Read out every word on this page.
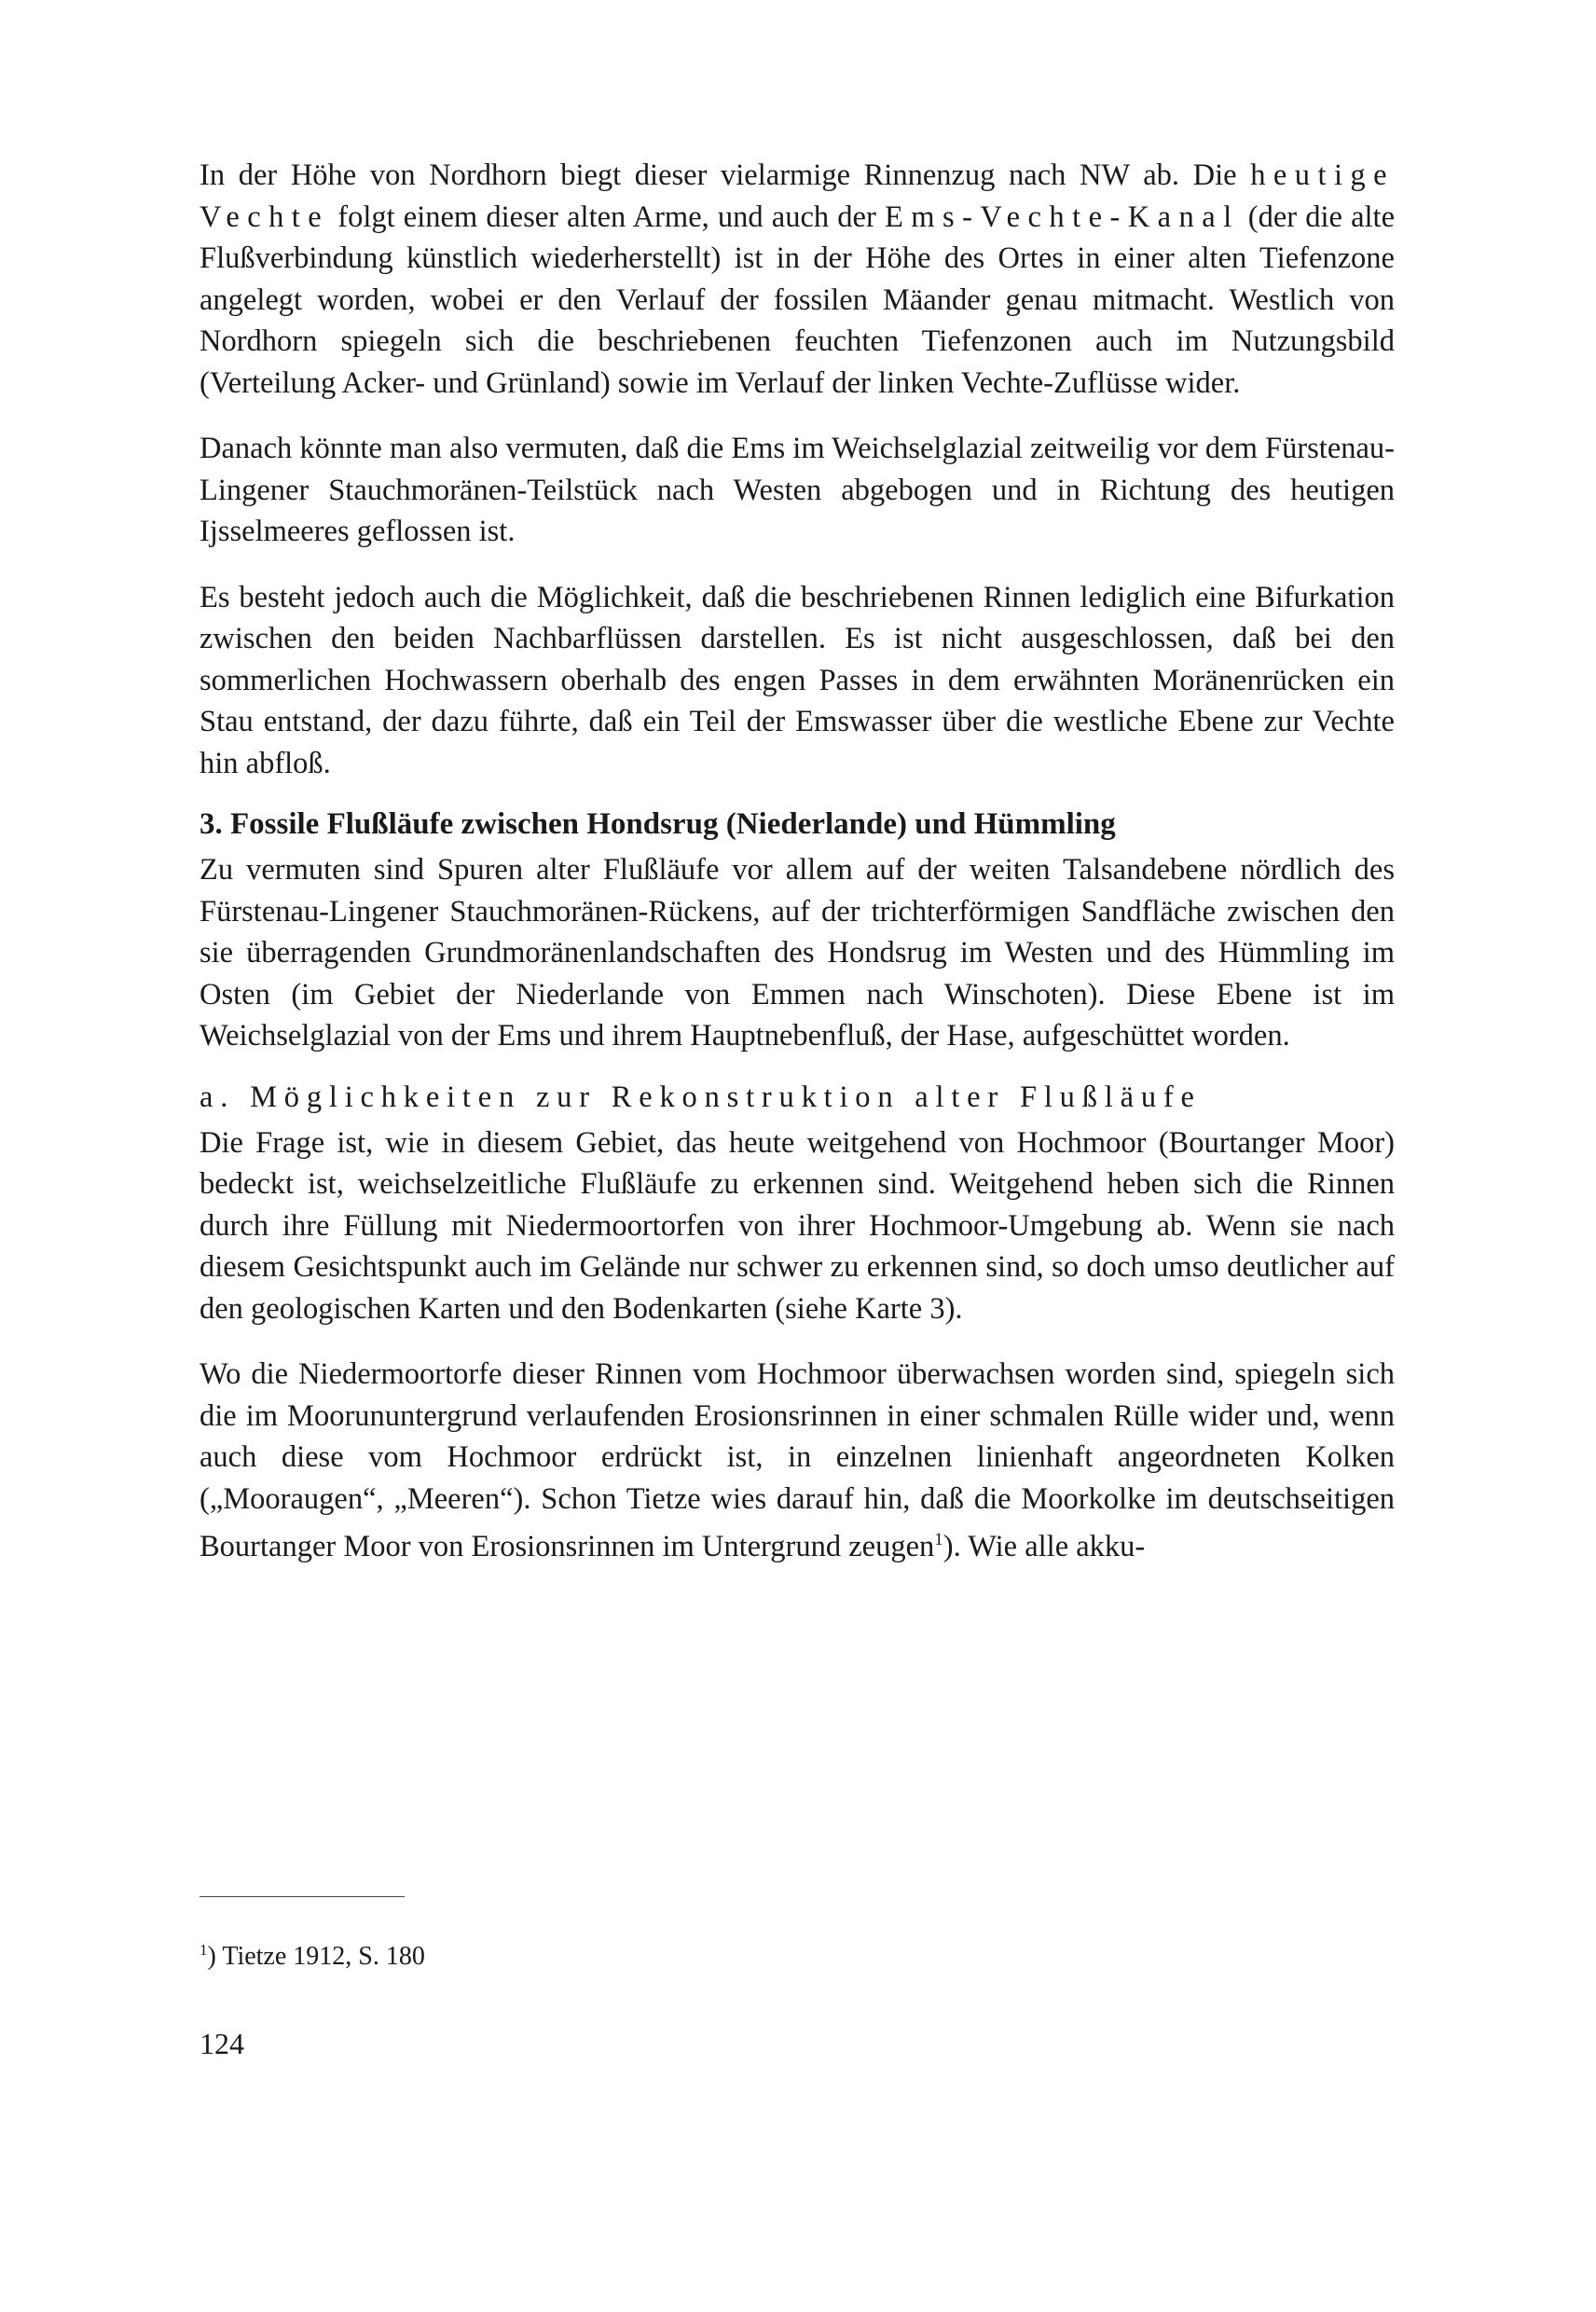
In der Höhe von Nordhorn biegt dieser vielarmige Rinnenzug nach NW ab. Die heutige Vechte folgt einem dieser alten Arme, und auch der Ems-Vechte-Kanal (der die alte Flußverbindung künstlich wiederherstellt) ist in der Höhe des Ortes in einer alten Tiefenzone angelegt worden, wobei er den Verlauf der fossilen Mäander genau mitmacht. Westlich von Nordhorn spiegeln sich die beschriebenen feuchten Tiefenzonen auch im Nutzungsbild (Verteilung Acker- und Grünland) sowie im Verlauf der linken Vechte-Zuflüsse wider.

Danach könnte man also vermuten, daß die Ems im Weichselglazial zeitweilig vor dem Fürstenau-Lingener Stauchmoränen-Teilstück nach Westen abgebogen und in Richtung des heutigen Ijsselmeeres geflossen ist.

Es besteht jedoch auch die Möglichkeit, daß die beschriebenen Rinnen lediglich eine Bifurkation zwischen den beiden Nachbarflüssen darstellen. Es ist nicht ausgeschlossen, daß bei den sommerlichen Hochwassern oberhalb des engen Passes in dem erwähnten Moränenrücken ein Stau entstand, der dazu führte, daß ein Teil der Emswasser über die westliche Ebene zur Vechte hin abfloß.

3. Fossile Flußläufe zwischen Hondsrug (Niederlande) und Hümmling

Zu vermuten sind Spuren alter Flußläufe vor allem auf der weiten Talsandebene nördlich des Fürstenau-Lingener Stauchmoränen-Rückens, auf der trichterförmigen Sandfläche zwischen den sie überragenden Grundmoränenlandschaften des Hondsrug im Westen und des Hümmling im Osten (im Gebiet der Niederlande von Emmen nach Winschoten). Diese Ebene ist im Weichselglazial von der Ems und ihrem Hauptnebenfluß, der Hase, aufgeschüttet worden.

a. Möglichkeiten zur Rekonstruktion alter Flußläufe

Die Frage ist, wie in diesem Gebiet, das heute weitgehend von Hochmoor (Bourtanger Moor) bedeckt ist, weichselzeitliche Flußläufe zu erkennen sind. Weitgehend heben sich die Rinnen durch ihre Füllung mit Niedermoortorfen von ihrer Hochmoor-Umgebung ab. Wenn sie nach diesem Gesichtspunkt auch im Gelände nur schwer zu erkennen sind, so doch umso deutlicher auf den geologischen Karten und den Bodenkarten (siehe Karte 3).

Wo die Niedermoortorfe dieser Rinnen vom Hochmoor überwachsen worden sind, spiegeln sich die im Moorununtergrund verlaufenden Erosionsrinnen in einer schmalen Rülle wider und, wenn auch diese vom Hochmoor erdrückt ist, in einzelnen linienhaft angeordneten Kolken („Mooraugen“, „Meeren“). Schon Tietze wies darauf hin, daß die Moorkolke im deutschseitigen Bourtanger Moor von Erosionsrinnen im Untergrund zeugen$^1$). Wie alle akku-

$^1$) Tietze 1912, S. 180
124
